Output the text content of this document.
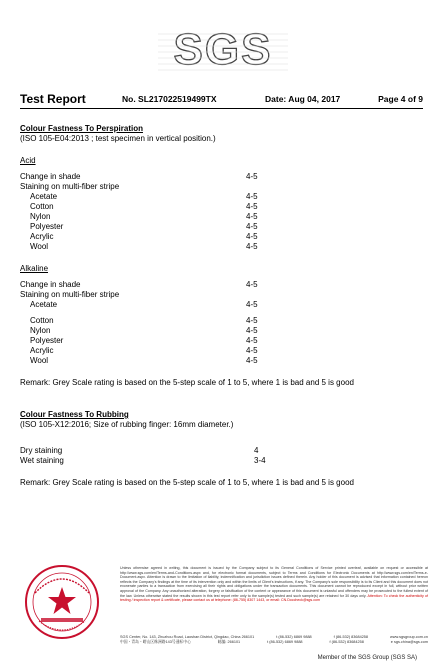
SGS
Test Report	No. SL217022519499TX	Date: Aug 04, 2017	Page 4 of 9
Colour Fastness To Perspiration
(ISO 105-E04:2013 ; test specimen in vertical position.)
Acid
Change in shade	4-5
Staining on multi-fiber stripe
Acetate	4-5
Cotton	4-5
Nylon	4-5
Polyester	4-5
Acrylic	4-5
Wool	4-5
Alkaline
Change in shade	4-5
Staining on multi-fiber stripe
Acetate	4-5
Cotton	4-5
Nylon	4-5
Polyester	4-5
Acrylic	4-5
Wool	4-5
Remark: Grey Scale rating is based on the 5-step scale of 1 to 5, where 1 is bad and 5 is good
Colour Fastness To Rubbing
(ISO 105-X12:2016; Size of rubbing finger: 16mm diameter.)
Dry staining	4
Wet staining	3-4
Remark: Grey Scale rating is based on the 5-step scale of 1 to 5, where 1 is bad and 5 is good
Unless otherwise agreed in writing, this document is issued by the Company subject to its General Conditions of Service printed overleaf, available on request or accessible at http://www.sgs.com/en/Terms-and-Conditions.aspx and, for electronic format documents, subject to Terms and Conditions for Electronic Documents at http://www.sgs.com/en/Terms-e-Document.aspx. Attention is drawn to the limitation of liability, indemnification and jurisdiction issues defined therein. Any holder of this document is advised that information contained hereon reflects the Company's findings at the time of its intervention only and within the limits of Client's instructions, if any. The Company's sole responsibility is to its Client and this document does not exonerate parties to a transaction from exercising all their rights and obligations under the transaction documents. This document cannot be reproduced except in full, without prior written approval of the Company. Any unauthorized alteration, forgery or falsification of the content or appearance of this document is unlawful and offenders may be prosecuted to the fullest extent of the law. Unless otherwise stated the results shown in this test report refer only to the sample(s) tested and such sample(s) are retained for 30 days only. Attention: To check the authenticity of testing / inspection report & certificate, please contact us at telephone: (86-755) 8307 1443, or email: CN.Doccheck@sgs.com
SGS Center, No. 143, Zhuzhou Road, Laoshan District, Qingdao, China 266101	t (86-532) 6869 9888	f (86-532) 83684258	www.sgsgroup.com.cn
中国・青岛・崂山区株洲路143号通标中心	邮编: 266101	t (86-532) 6869 9888	f (86-532) 83684258	e sgs.china@sgs.com
Member of the SGS Group (SGS SA)
